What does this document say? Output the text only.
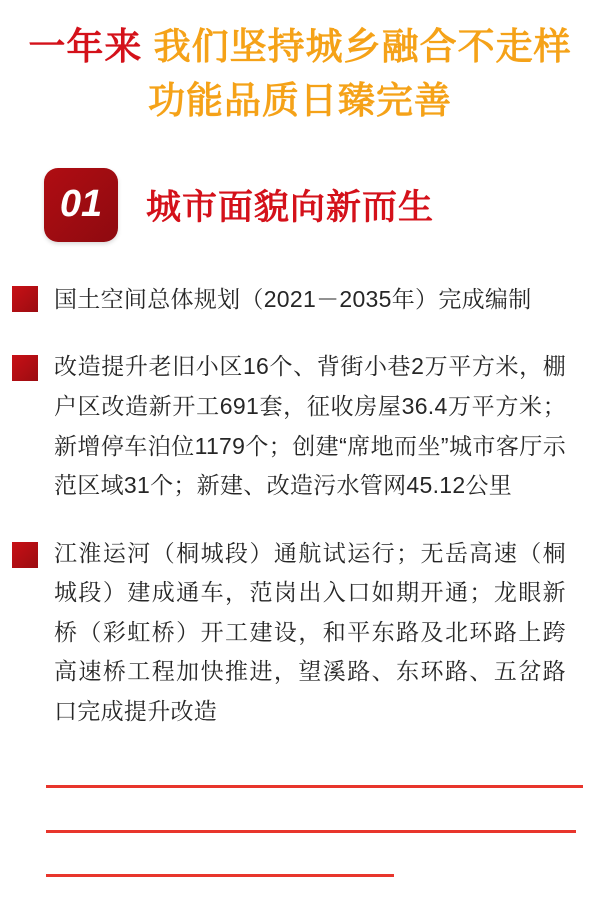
一年来 我们坚持城乡融合不走样
功能品质日臻完善
01	城市面貌向新而生
国土空间总体规划（2021－2035年）完成编制
改造提升老旧小区16个、背街小巷2万平方米，棚户区改造新开工691套，征收房屋36.4万平方米；新增停车泊位1179个；创建“席地而坐”城市客厅示范区域31个；新建、改造污水管网45.12公里
江淮运河（桐城段）通航试运行；无岳高速（桐城段）建成通车，范岗出入口如期开通；龙眼新桥（彩虹桥）开工建设，和平东路及北环路上跨高速桥工程加快推进，望溪路、东环路、五岔路口完成提升改造
